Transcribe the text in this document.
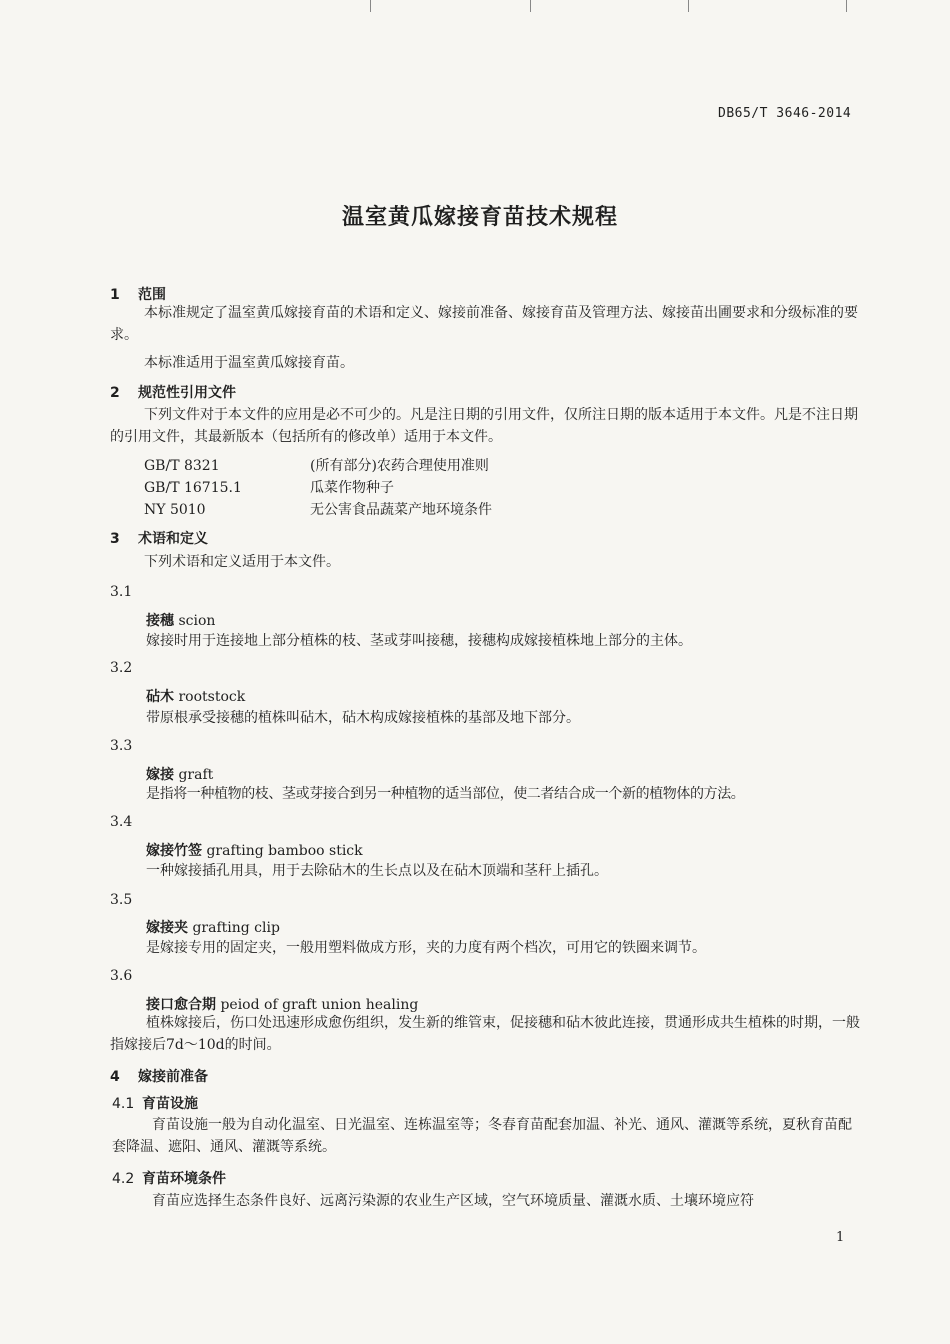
DB65/T 3646-2014
温室黄瓜嫁接育苗技术规程
1 范围
本标准规定了温室黄瓜嫁接育苗的术语和定义、嫁接前准备、嫁接育苗及管理方法、嫁接苗出圃要求和分级标准的要求。
本标准适用于温室黄瓜嫁接育苗。
2 规范性引用文件
下列文件对于本文件的应用是必不可少的。凡是注日期的引用文件，仅所注日期的版本适用于本文件。凡是不注日期的引用文件，其最新版本（包括所有的修改单）适用于本文件。
GB/T 8321	(所有部分)农药合理使用准则
GB/T 16715.1	瓜菜作物种子
NY 5010	无公害食品蔬菜产地环境条件
3 术语和定义
下列术语和定义适用于本文件。
3.1
接穗 scion
嫁接时用于连接地上部分植株的枝、茎或芽叫接穗，接穗构成嫁接植株地上部分的主体。
3.2
砧木 rootstock
带原根承受接穗的植株叫砧木，砧木构成嫁接植株的基部及地下部分。
3.3
嫁接 graft
是指将一种植物的枝、茎或芽接合到另一种植物的适当部位，使二者结合成一个新的植物体的方法。
3.4
嫁接竹签 grafting bamboo stick
一种嫁接插孔用具，用于去除砧木的生长点以及在砧木顶端和茎秆上插孔。
3.5
嫁接夹 grafting clip
是嫁接专用的固定夹，一般用塑料做成方形，夹的力度有两个档次，可用它的铁圈来调节。
3.6
接口愈合期 peiod of graft union healing
植株嫁接后，伤口处迅速形成愈伤组织，发生新的维管束，促接穗和砧木彼此连接，贯通形成共生植株的时期，一般指嫁接后7d～10d的时间。
4 嫁接前准备
4.1 育苗设施
育苗设施一般为自动化温室、日光温室、连栋温室等；冬春育苗配套加温、补光、通风、灌溉等系统，夏秋育苗配套降温、遮阳、通风、灌溉等系统。
4.2 育苗环境条件
育苗应选择生态条件良好、远离污染源的农业生产区域，空气环境质量、灌溉水质、土壤环境应符
1
